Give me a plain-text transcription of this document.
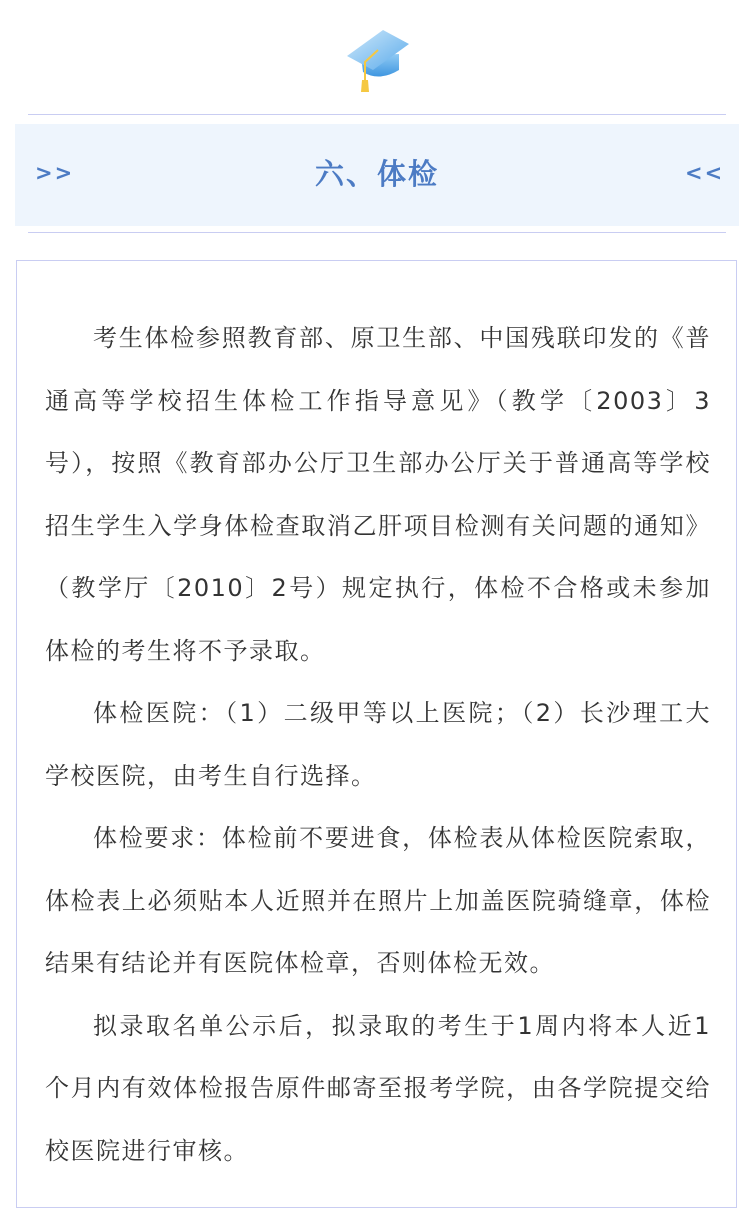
>>	六、体检	<<

考生体检参照教育部、原卫生部、中国残联印发的《普通高等学校招生体检工作指导意见》（教学〔2003〕3号），按照《教育部办公厅卫生部办公厅关于普通高等学校招生学生入学身体检查取消乙肝项目检测有关问题的通知》（教学厅〔2010〕2号）规定执行，体检不合格或未参加体检的考生将不予录取。

体检医院：（1）二级甲等以上医院；（2）长沙理工大学校医院，由考生自行选择。

体检要求：体检前不要进食，体检表从体检医院索取，体检表上必须贴本人近照并在照片上加盖医院骑缝章，体检结果有结论并有医院体检章，否则体检无效。

拟录取名单公示后，拟录取的考生于1周内将本人近1个月内有效体检报告原件邮寄至报考学院，由各学院提交给校医院进行审核。
